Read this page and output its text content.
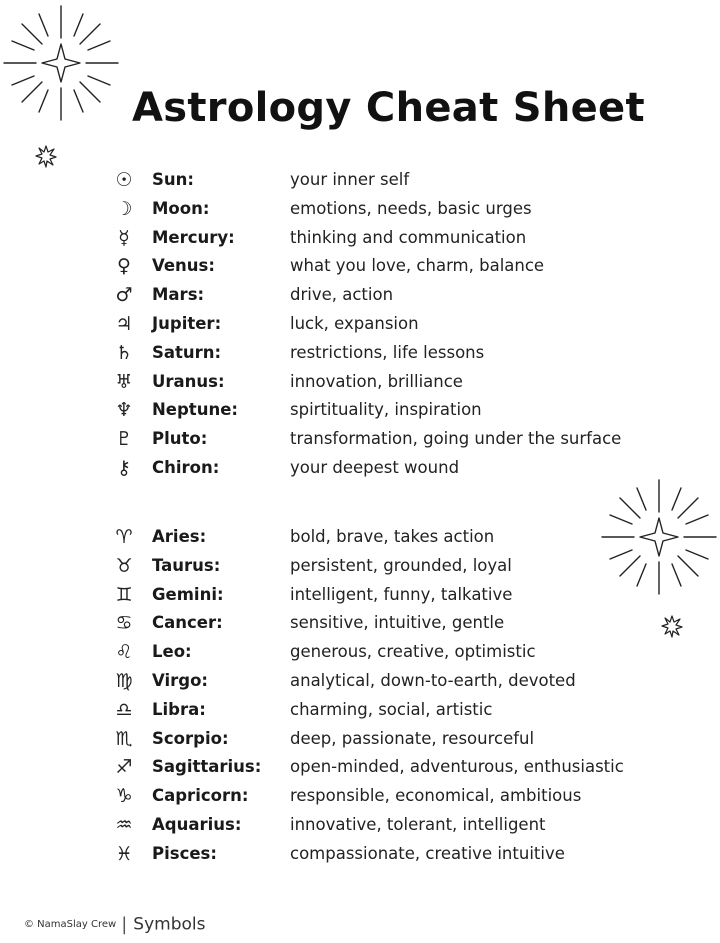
Astrology Cheat Sheet
☉	Sun:	your inner self
☽	Moon:	emotions, needs, basic urges
☿	Mercury:	thinking and communication
♀	Venus:	what you love, charm, balance
♂	Mars:	drive, action
♃	Jupiter:	luck, expansion
♄	Saturn:	restrictions, life lessons
♅	Uranus:	innovation, brilliance
♆	Neptune:	spirtituality, inspiration
♇	Pluto:	transformation, going under the surface
⚷	Chiron:	your deepest wound
♈	Aries:	bold, brave, takes action
♉	Taurus:	persistent, grounded, loyal
♊	Gemini:	intelligent, funny, talkative
♋	Cancer:	sensitive, intuitive, gentle
♌	Leo:	generous, creative, optimistic
♍	Virgo:	analytical, down-to-earth, devoted
♎	Libra:	charming, social, artistic
♏	Scorpio:	deep, passionate, resourceful
♐	Sagittarius: open-minded, adventurous, enthusiastic
♑	Capricorn:	responsible, economical, ambitious
♒	Aquarius:	innovative, tolerant, intelligent
♓	Pisces:	compassionate, creative intuitive
© NamaSlay Crew | Symbols
